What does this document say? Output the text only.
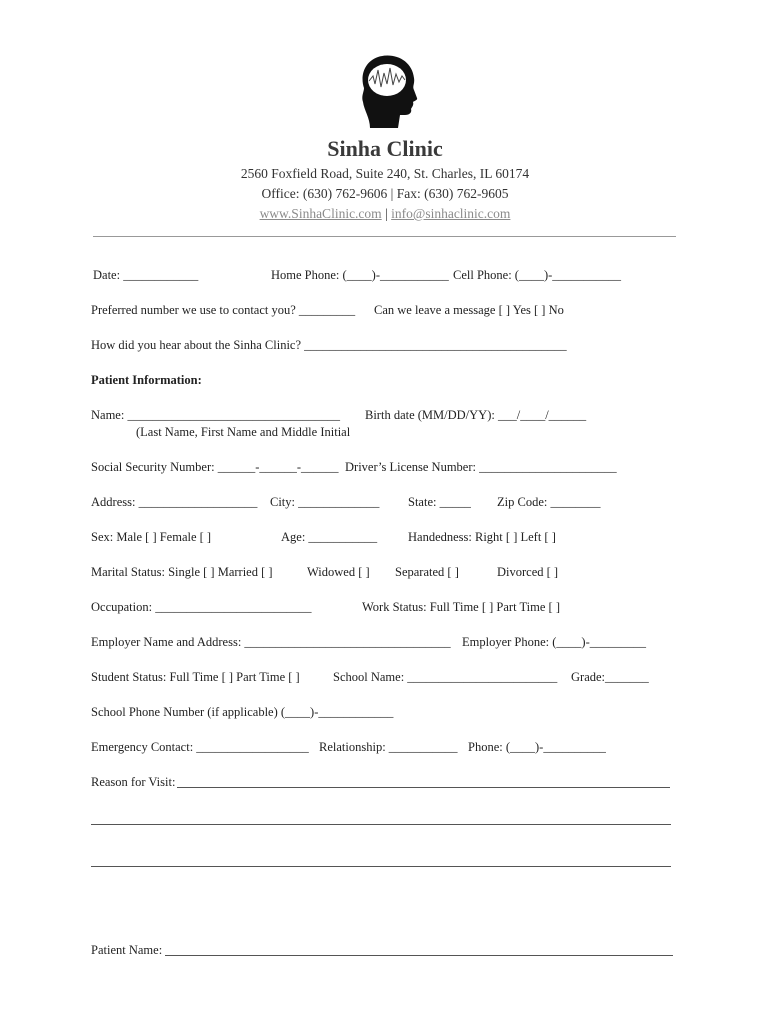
Sinha Clinic
2560 Foxfield Road, Suite 240, St. Charles, IL 60174
Office: (630) 762-9606 | Fax: (630) 762-9605
www.SinhaClinic.com | info@sinhaclinic.com
Date: ____________	Home Phone: (____)-___________ Cell Phone: (____)-___________
Preferred number we use to contact you? _________ Can we leave a message [ ] Yes [ ] No
How did you hear about the Sinha Clinic? __________________________________________
Patient Information:
Name: __________________________________ Birth date (MM/DD/YY): ___/____/______
(Last Name, First Name and Middle Initial
Social Security Number: ______-______-______ Driver’s License Number: ______________________
Address: ___________________ City: _____________ State: _____ Zip Code: ________
Sex: Male [ ] Female [ ]	Age: ___________ Handedness: Right [ ] Left [ ]
Marital Status: Single [ ] Married [ ]	Widowed [ ] Separated [ ]	Divorced [ ]
Occupation: _________________________	Work Status: Full Time [ ] Part Time [ ]
Employer Name and Address: _________________________________ Employer Phone: (____)-_________
Student Status: Full Time [ ] Part Time [ ]	School Name: ________________________ Grade:_______
School Phone Number (if applicable) (____)-____________
Emergency Contact: __________________ Relationship: ___________ Phone: (____)-__________
Reason for Visit:
Patient Name:
